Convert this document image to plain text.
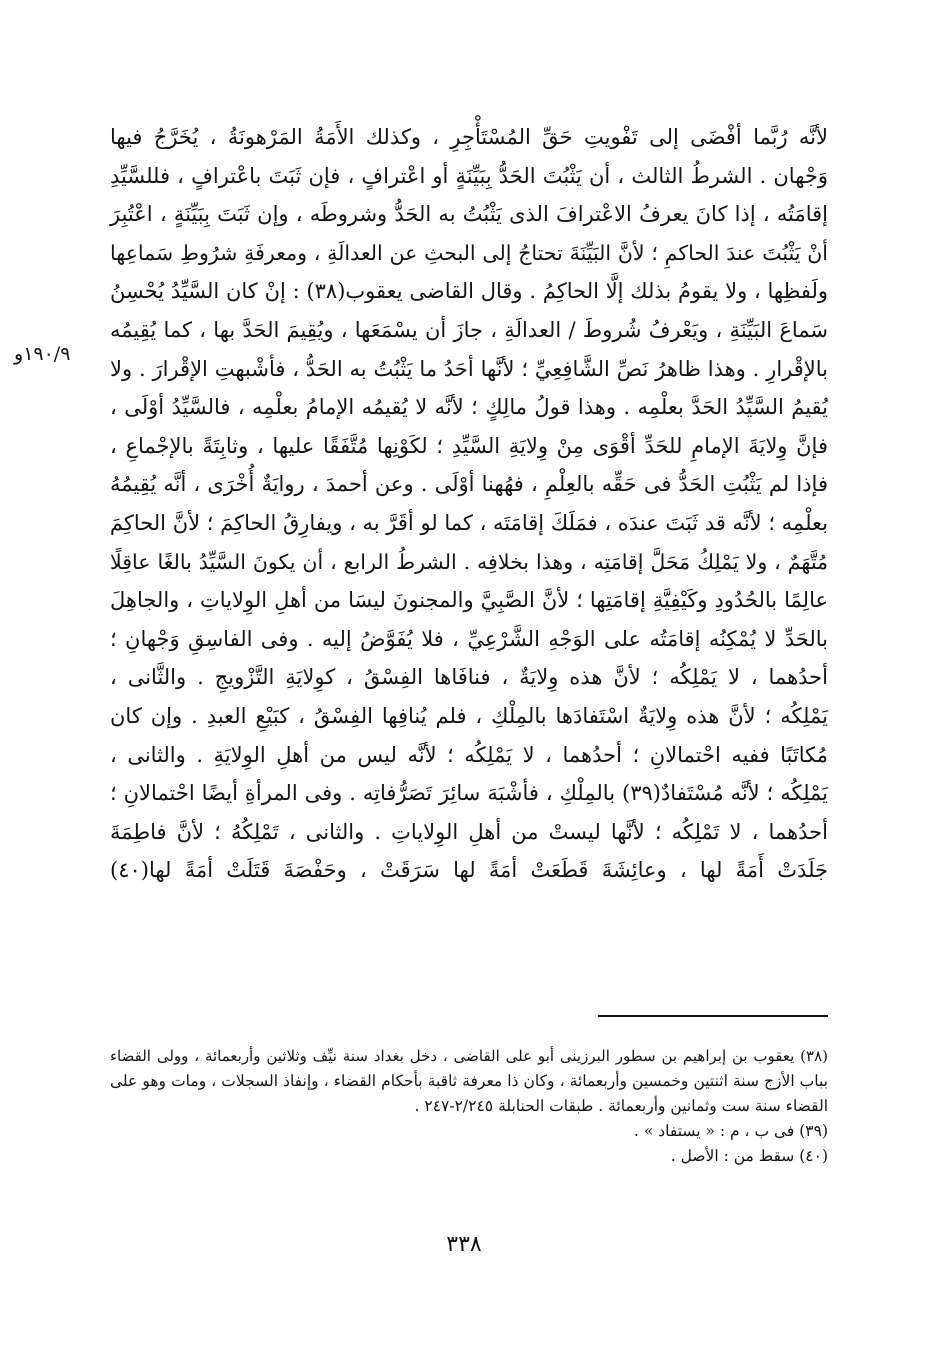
١٩٠/٩و
لأنَّه رُبَّما أفْضَى إلى تَفْويتِ حَقِّ المُسْتَأْجِرِ ، وكذلك الأَمَةُ المَرْهونَةُ ، يُخَرَّجُ فيها
وَجْهان . الشرطُ الثالث ، أن يَثْبُتَ الحَدُّ بِبَيِّنَةٍ أو اعْترافٍ ، فإن ثَبَتَ باعْترافٍ ، فللسَّيِّدِ
إقامَتُه ، إذا كانَ يعرفُ الاعْترافَ الذى يَثْبُتُ به الحَدُّ وشروطَه ، وإن ثَبَتَ بِبَيِّنَةٍ ، اعْتُبِرَ
أنْ يَثْبُتَ عندَ الحاكمِ ؛ لأنَّ البَيِّنَةَ تحتاجُ إلى البحثِ عن العدالَةِ ، ومعرفَةِ شرُوطِ سَماعِها
ولَفظِها ، ولا يقومُ بذلك إلَّا الحاكِمُ . وقال القاضى يعقوب(٣٨) : إنْ كان السَّيِّدُ يُحْسِنُ
سَماعَ البَيِّنَةِ ، ويَعْرفُ شُروطَ / العدالَةِ ، جازَ أن يسْمَعَها ، ويُقِيمَ الحَدَّ بها ، كما يُقِيمُه
بالإقْرارِ . وهذا ظاهرُ نَصِّ الشَّافِعِيِّ ؛ لأنَّها أحَدُ ما يَثْبُتُ به الحَدُّ ، فأشْبهتِ الإقْرارَ . ولا
يُقيمُ السَّيِّدُ الحَدَّ بعلْمِه . وهذا قولُ مالِكٍ ؛ لأنَّه لا يُقيمُه الإمامُ بعلْمِه ، فالسَّيِّدُ أوْلَى ،
فإنَّ وِلايَةَ الإمامِ للحَدِّ أقْوَى مِنْ وِلايَةِ السَّيِّدِ ؛ لكَوْنِها مُتَّفَقًا عليها ، وثابِتَةً بالإجْماعِ ،
فإذا لم يَثْبُتِ الحَدُّ فى حَقِّه بالعِلْمِ ، فهُهنا أوْلَى . وعن أحمدَ ، روايَةٌ أُخْرَى ، أنَّه يُقِيمُهُ
بعلْمِه ؛ لأنَّه قد ثَبَتَ عندَه ، فمَلَكَ إقامَتَه ، كما لو أقَرَّ به ، ويفارِقُ الحاكِمَ ؛ لأنَّ الحاكِمَ
مُتَّهَمٌ ، ولا يَمْلِكُ مَحَلَّ إقامَتِه ، وهذا بخلافِه . الشرطُ الرابع ، أن يكونَ السَّيِّدُ بالغًا عاقِلًا
عالِمًا بالحُدُودِ وكَيْفِيَّةِ إقامَتِها ؛ لأنَّ الصَّبِيَّ والمجنونَ ليسَا من أهلِ الوِلاياتِ ، والجاهِلَ
بالحَدِّ لا يُمْكِنُه إقامَتُه على الوَجْهِ الشَّرْعِيِّ ، فلا يُفَوَّضُ إليه . وفى الفاسِقِ وَجْهانِ ؛
أحدُهما ، لا يَمْلِكُه ؛ لأنَّ هذه وِلايَةٌ ، فنافَاها الفِسْقُ ، كوِلايَةِ التَّزْويجِ . والثَّانى ،
يَمْلِكُه ؛ لأنَّ هذه وِلايَةٌ اسْتَفادَها بالمِلْكِ ، فلم يُنافِها الفِسْقُ ، كبَيْعِ العبدِ . وإن كان
مُكاتَبًا ففيه احْتمالانِ ؛ أحدُهما ، لا يَمْلِكُه ؛ لأنَّه ليس من أهلِ الوِلايَةِ . والثانى ،
يَمْلِكُه ؛ لأنَّه مُسْتَفادٌ(٣٩) بالمِلْكِ ، فأشْبَهَ سائِرَ تَصَرُّفاتِه . وفى المرأةِ أيضًا احْتمالانِ ؛
أحدُهما ، لا تَمْلِكُه ؛ لأنَّها ليستْ من أهلِ الوِلاياتِ . والثانى ، تَمْلِكُهُ ؛ لأنَّ فاطِمَةَ
جَلَدَتْ أَمَةً لها ، وعائِشَةَ قَطَعَتْ أمَةً لها سَرَقَتْ ، وحَفْصَةَ قَتَلَتْ أمَةً لها(٤٠)
(٣٨) يعقوب بن إبراهيم بن سطور البرزينى أبو على القاضى ، دخل بغداد سنة نيِّف وثلاثين وأربعمائة ، وولى القضاء
بباب الأزج سنة اثنتين وخمسين وأربعمائة ، وكان ذا معرفة ثاقبة بأحكام القضاء ، وإنفاذ السجلات ، ومات وهو على
القضاء سنة ست وثمانين وأربعمائة . طبقات الحنابلة ٢/٢٤٥-٢٤٧ .
(٣٩) فى ب ، م : « يستفاد » .
(٤٠) سقط من : الأصل .
٣٣٨
